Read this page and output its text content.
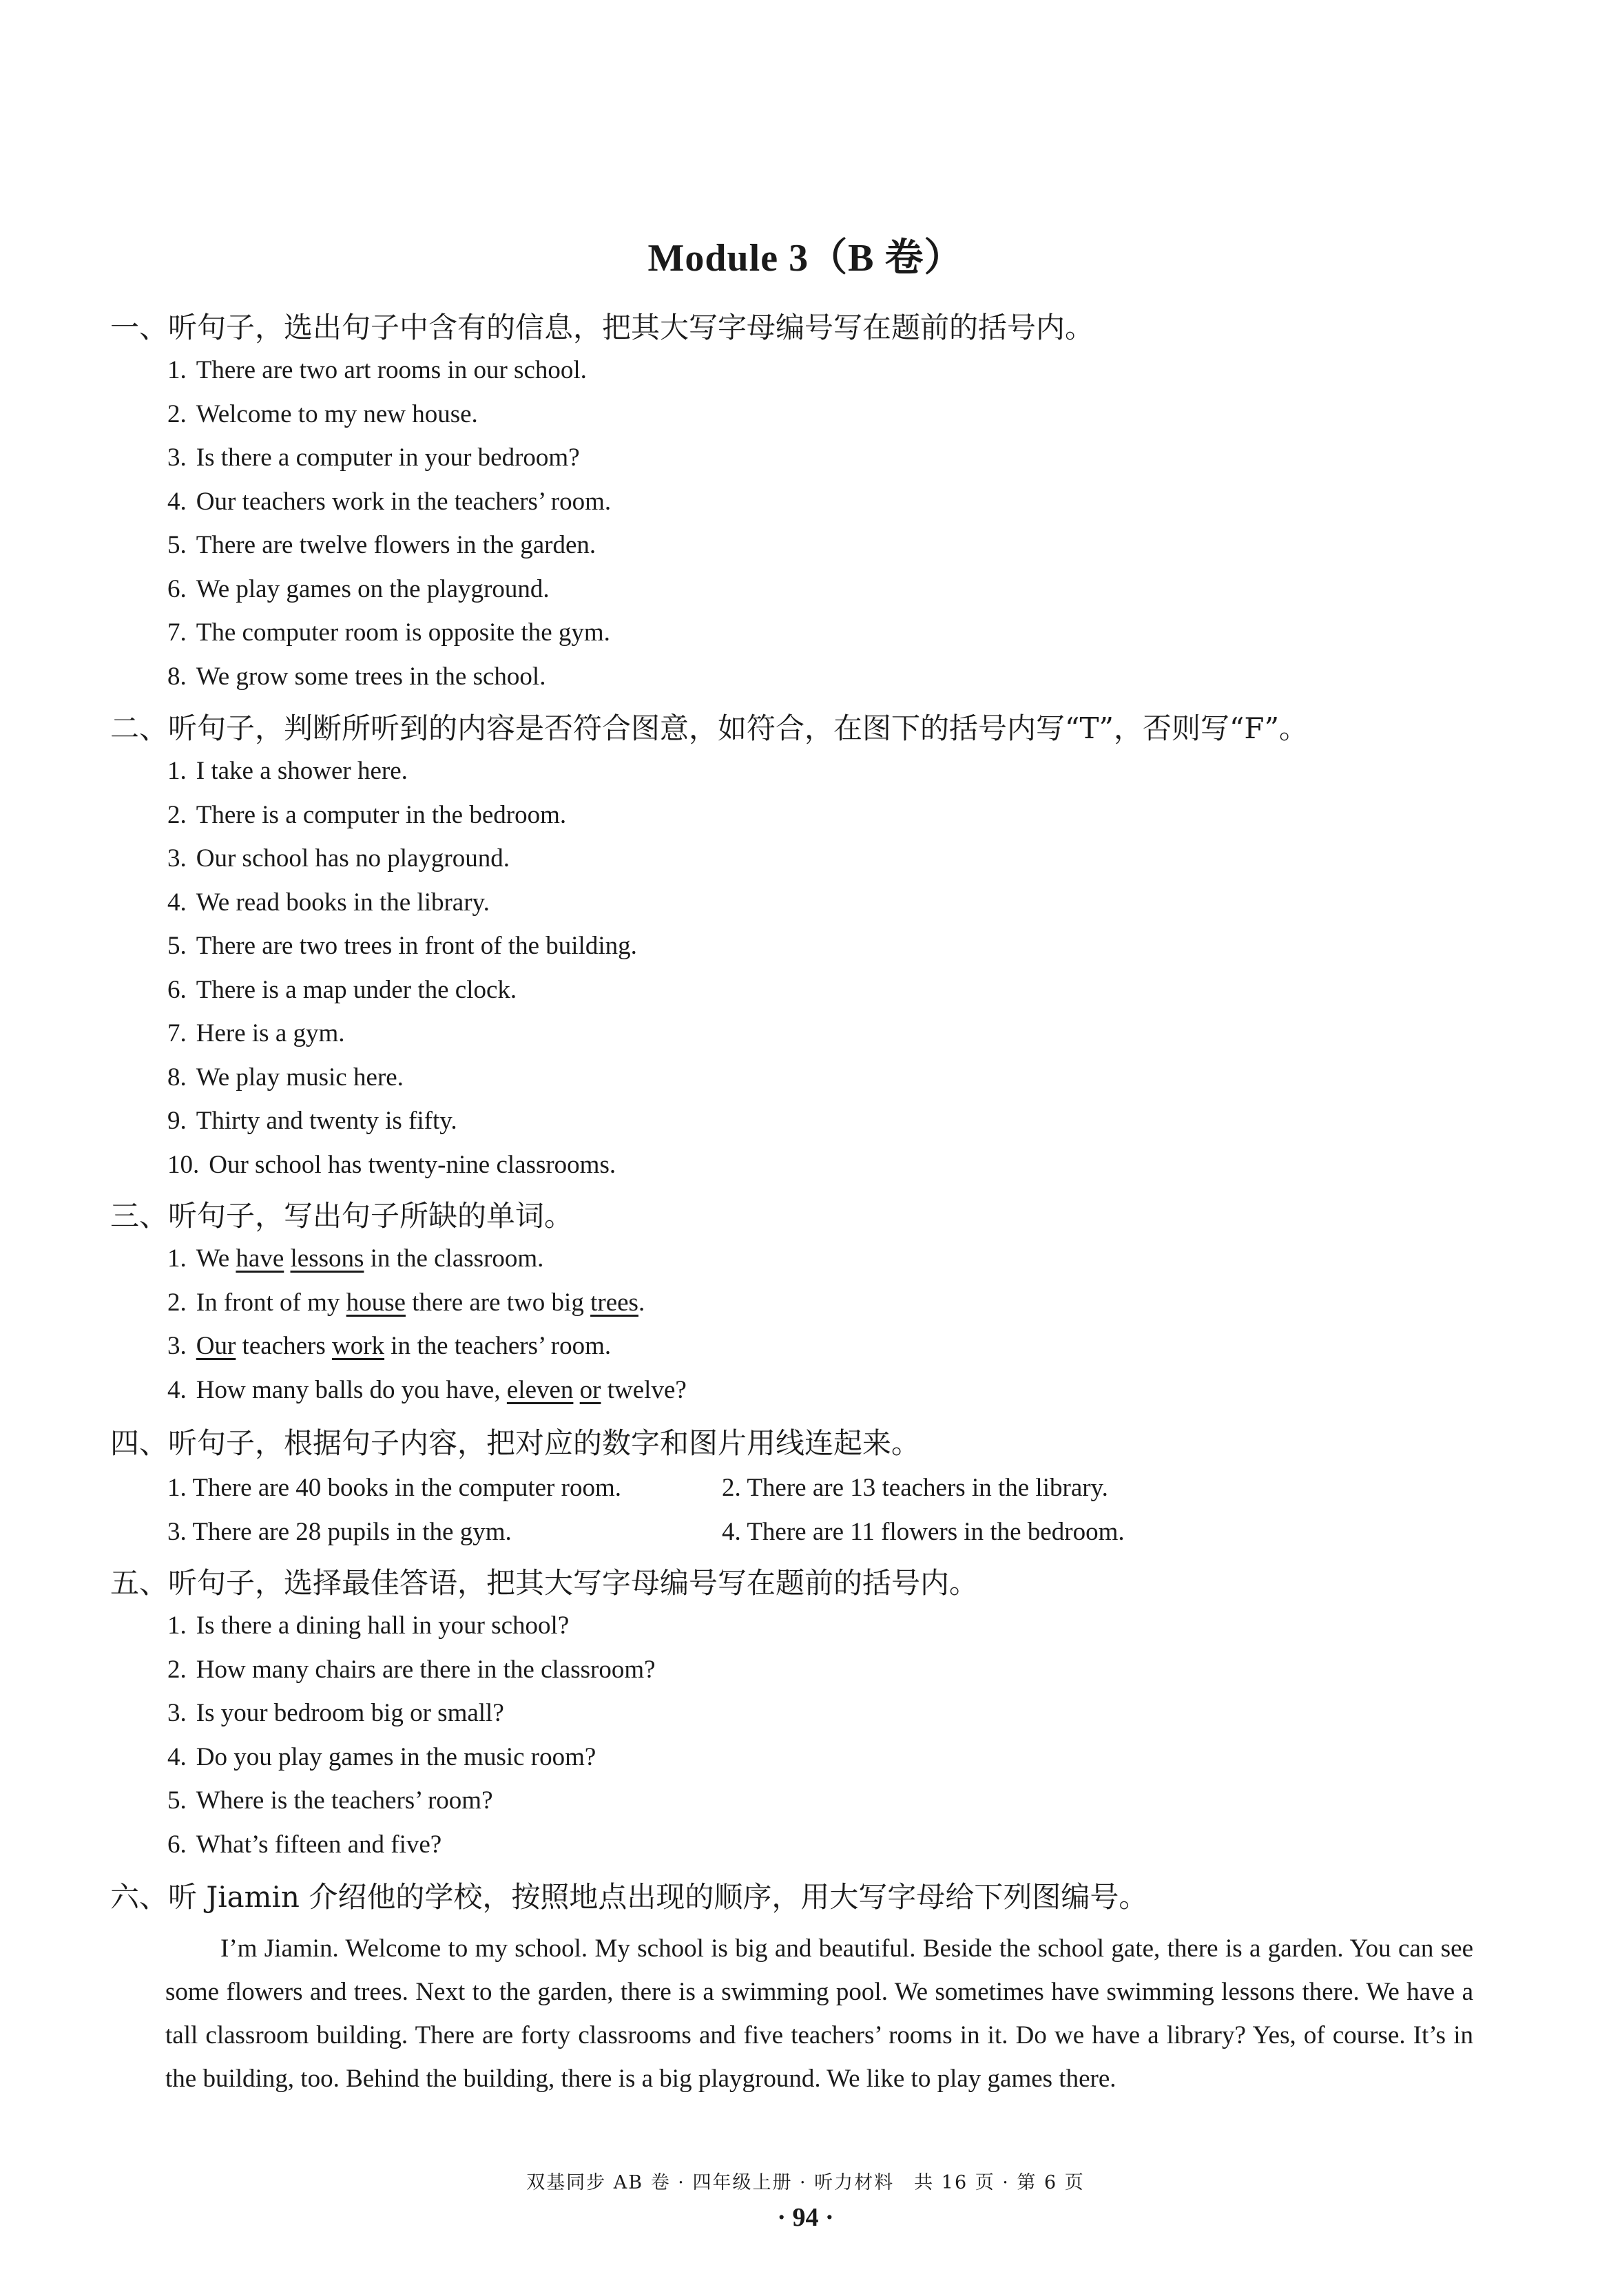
Module 3（B 卷）
一、听句子，选出句子中含有的信息，把其大写字母编号写在题前的括号内。
1. There are two art rooms in our school.
2. Welcome to my new house.
3. Is there a computer in your bedroom?
4. Our teachers work in the teachers’ room.
5. There are twelve flowers in the garden.
6. We play games on the playground.
7. The computer room is opposite the gym.
8. We grow some trees in the school.
二、听句子，判断所听到的内容是否符合图意，如符合，在图下的括号内写“T”，否则写“F”。
1. I take a shower here.
2. There is a computer in the bedroom.
3. Our school has no playground.
4. We read books in the library.
5. There are two trees in front of the building.
6. There is a map under the clock.
7. Here is a gym.
8. We play music here.
9. Thirty and twenty is fifty.
10. Our school has twenty-nine classrooms.
三、听句子，写出句子所缺的单词。
1. We have lessons in the classroom.
2. In front of my house there are two big trees.
3. Our teachers work in the teachers’ room.
4. How many balls do you have, eleven or twelve?
四、听句子，根据句子内容，把对应的数字和图片用线连起来。
1. There are 40 books in the computer room.	2. There are 13 teachers in the library.
3. There are 28 pupils in the gym.	4. There are 11 flowers in the bedroom.
五、听句子，选择最佳答语，把其大写字母编号写在题前的括号内。
1. Is there a dining hall in your school?
2. How many chairs are there in the classroom?
3. Is your bedroom big or small?
4. Do you play games in the music room?
5. Where is the teachers’ room?
6. What’s fifteen and five?
六、听 Jiamin 介绍他的学校，按照地点出现的顺序，用大写字母给下列图编号。

I’m Jiamin. Welcome to my school. My school is big and beautiful. Beside the school gate, there is a garden. You can see some flowers and trees. Next to the garden, there is a swimming pool. We sometimes have swimming lessons there. We have a tall classroom building. There are forty classrooms and five teachers’ rooms in it. Do we have a library? Yes, of course. It’s in the building, too. Behind the building, there is a big playground. We like to play games there.

双基同步 AB 卷 · 四年级上册 · 听力材料　共 16 页 · 第 6 页
· 94 ·
